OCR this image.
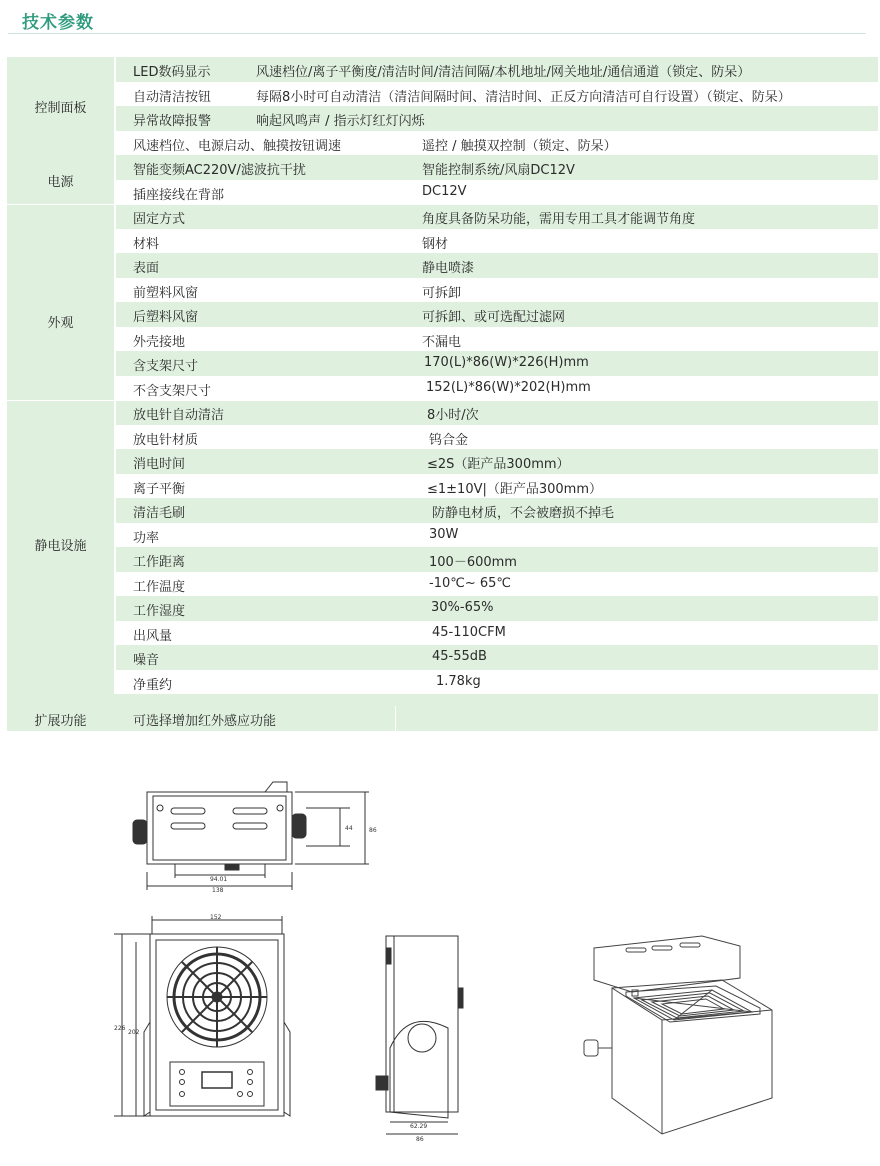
技术参数
控制面板
LED数码显示	风速档位/离子平衡度/清洁时间/清洁间隔/本机地址/网关地址/通信通道（锁定、防呆）
自动清洁按钮	每隔8小时可自动清洁（清洁间隔时间、清洁时间、正反方向清洁可自行设置）（锁定、防呆）
异常故障报警	响起风鸣声 / 指示灯红灯闪烁
风速档位、电源启动、触摸按钮调速	遥控 / 触摸双控制（锁定、防呆）
电源
智能变频AC220V/滤波抗干扰	智能控制系统/风扇DC12V
插座接线在背部	DC12V
外观
固定方式	角度具备防呆功能，需用专用工具才能调节角度
材料	钢材
表面	静电喷漆
前塑料风窗	可拆卸
后塑料风窗	可拆卸、或可选配过滤网
外壳接地	不漏电
含支架尺寸	170(L)*86(W)*226(H)mm
不含支架尺寸	152(L)*86(W)*202(H)mm
静电设施
放电针自动清洁	8小时/次
放电针材质	钨合金
消电时间	≤2S（距产品300mm）
离子平衡	≤1±10V|（距产品300mm）
清洁毛刷	防静电材质，不会被磨损不掉毛
功率	30W
工作距离	100－600mm
工作温度	-10℃~ 65℃
工作湿度	30%-65%
出风量	45-110CFM
噪音	45-55dB
净重约	1.78kg
扩展功能	可选择增加红外感应功能
44	86
94.01
138
152
226
202
62.29
86
